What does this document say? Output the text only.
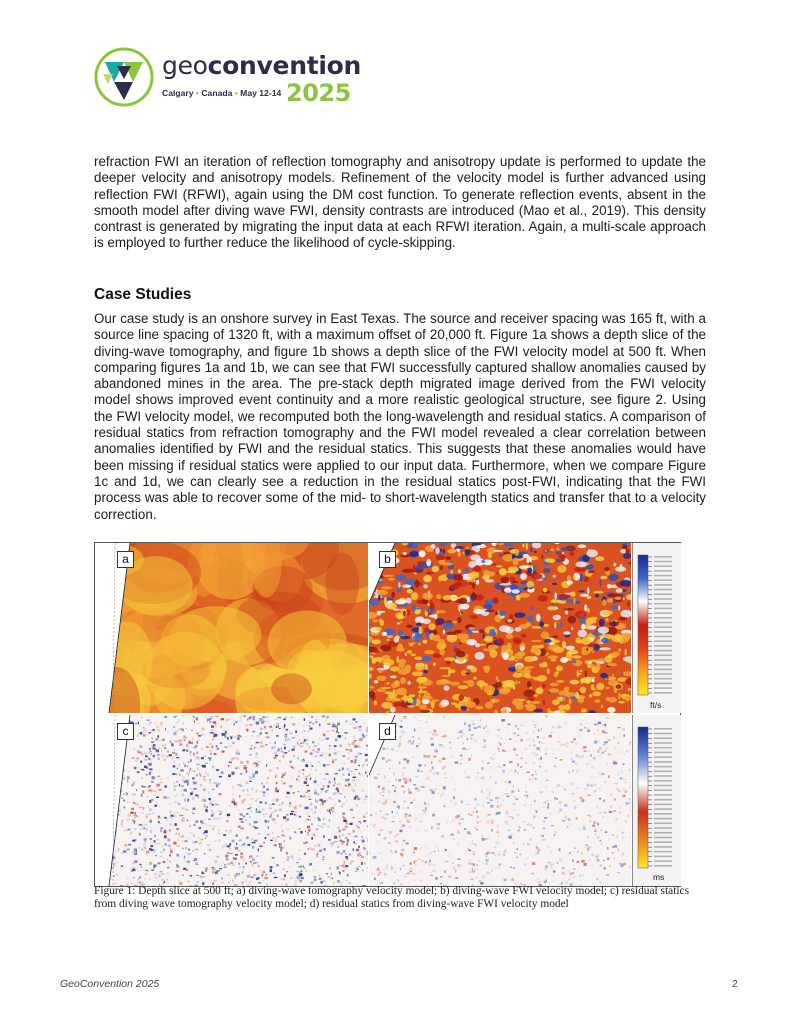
geoconvention
Calgary • Canada • May 12-14 2025

refraction FWI an iteration of reflection tomography and anisotropy update is performed to update the deeper velocity and anisotropy models. Refinement of the velocity model is further advanced using reflection FWI (RFWI), again using the DM cost function. To generate reflection events, absent in the smooth model after diving wave FWI, density contrasts are introduced (Mao et al., 2019). This density contrast is generated by migrating the input data at each RFWI iteration. Again, a multi-scale approach is employed to further reduce the likelihood of cycle-skipping.

Case Studies

Our case study is an onshore survey in East Texas. The source and receiver spacing was 165 ft, with a source line spacing of 1320 ft, with a maximum offset of 20,000 ft. Figure 1a shows a depth slice of the diving-wave tomography, and figure 1b shows a depth slice of the FWI velocity model at 500 ft. When comparing figures 1a and 1b, we can see that FWI successfully captured shallow anomalies caused by abandoned mines in the area. The pre-stack depth migrated image derived from the FWI velocity model shows improved event continuity and a more realistic geological structure, see figure 2. Using the FWI velocity model, we recomputed both the long-wavelength and residual statics. A comparison of residual statics from refraction tomography and the FWI model revealed a clear correlation between anomalies identified by FWI and the residual statics. This suggests that these anomalies would have been missing if residual statics were applied to our input data. Furthermore, when we compare Figure 1c and 1d, we can clearly see a reduction in the residual statics post-FWI, indicating that the FWI process was able to recover some of the mid- to short-wavelength statics and transfer that to a velocity correction.

a	b
ft/s
c	d
ms

Figure 1: Depth slice at 500 ft; a) diving-wave tomography velocity model; b) diving-wave FWI velocity model; c) residual statics from diving wave tomography velocity model; d) residual statics from diving-wave FWI velocity model

GeoConvention 2025	2
